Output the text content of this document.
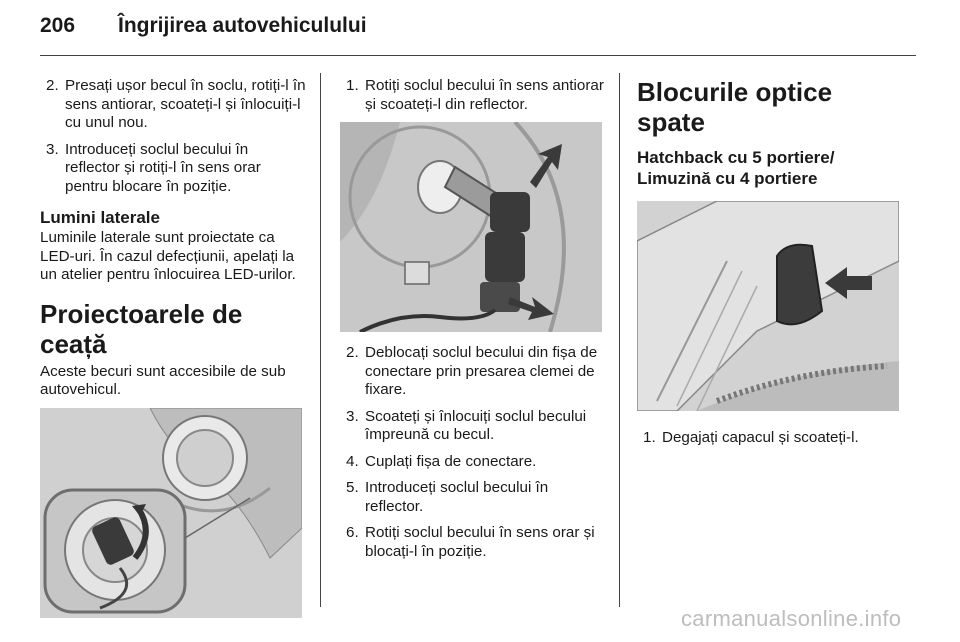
206 Îngrijirea autovehiculului
2. Presați ușor becul în soclu, rotiți-l în sens antiorar, scoateți-l și înlocuiți-l cu unul nou.
3. Introduceți soclul becului în reflector și rotiți-l în sens orar pentru blocare în poziție.
Lumini laterale

Luminile laterale sunt proiectate ca LED-uri. În cazul defecțiunii, apelați la un atelier pentru înlocuirea LED-urilor.

Proiectoarele de ceață

Aceste becuri sunt accesibile de sub autovehicul.

1. Rotiți soclul becului în sens antiorar și scoateți-l din reflector.
2. Deblocați soclul becului din fișa de conectare prin presarea clemei de fixare.
3. Scoateți și înlocuiți soclul becului împreună cu becul.
4. Cuplați fișa de conectare.
5. Introduceți soclul becului în reflector.
6. Rotiți soclul becului în sens orar și blocați-l în poziție.
Blocurile optice spate
Hatchback cu 5 portiere/ Limuzină cu 4 portiere
1. Degajați capacul și scoateți-l.
carmanualsonline.info
